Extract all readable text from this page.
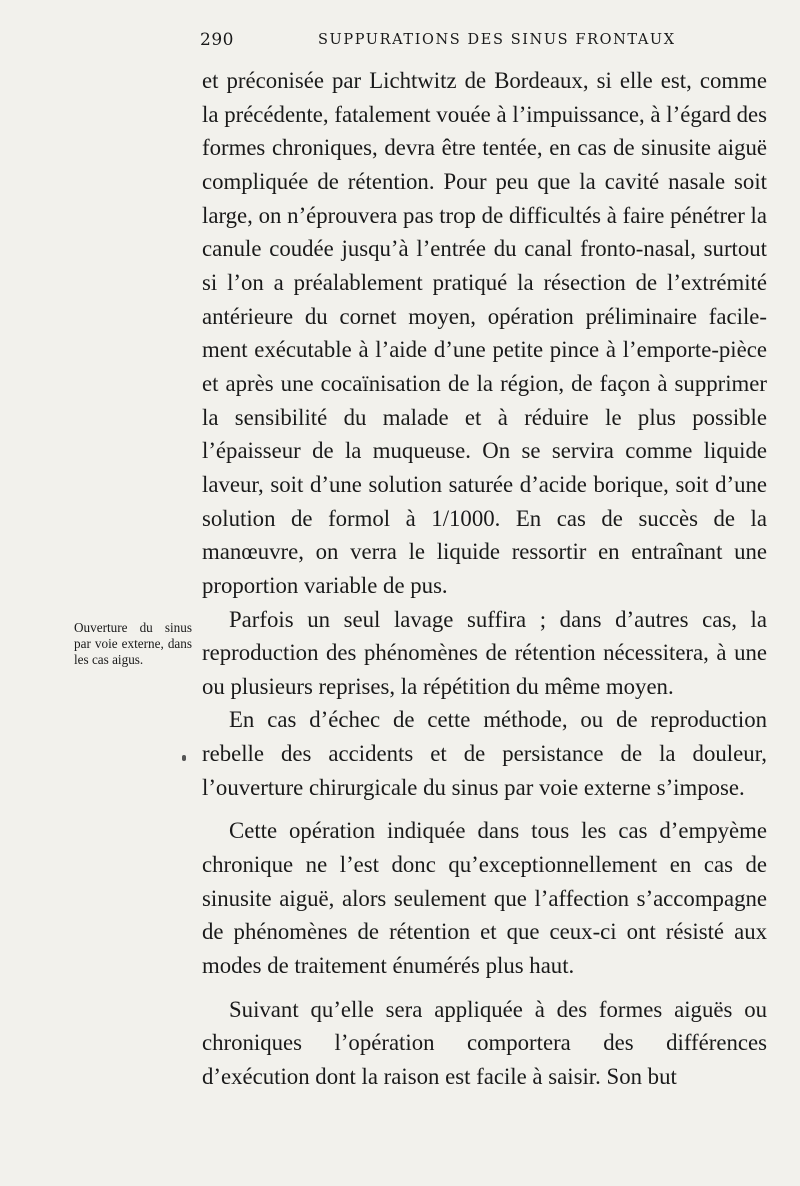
290	SUPPURATIONS DES SINUS FRONTAUX

et préconisée par Lichtwitz de Bordeaux, si elle est, comme la précédente, fatalement vouée à l’impuissance, à l’égard des formes chroniques, devra être tentée, en cas de sinusite aiguë compliquée de rétention. Pour peu que la cavité nasale soit large, on n’éprouvera pas trop de difficultés à faire pénétrer la canule coudée jusqu’à l’entrée du canal fronto-nasal, surtout si l’on a préalablement pratiqué la résection de l’extrémité antérieure du cornet moyen, opération préliminaire facilement exécutable à l’aide d’une petite pince à l’emporte-pièce et après une cocaïnisation de la région, de façon à supprimer la sensibilité du malade et à réduire le plus possible l’épaisseur de la muqueuse. On se servira comme liquide laveur, soit d’une solution saturée d’acide borique, soit d’une solution de formol à 1/1000. En cas de succès de la manœuvre, on verra le liquide ressortir en entraînant une proportion variable de pus.

Parfois un seul lavage suffira ; dans d’autres cas, la reproduction des phénomènes de rétention nécessitera, à une ou plusieurs reprises, la répétition du même moyen.

En cas d’échec de cette méthode, ou de reproduction rebelle des accidents et de persistance de la douleur, l’ouverture chirurgicale du sinus par voie externe s’impose.

Cette opération indiquée dans tous les cas d’empyème chronique ne l’est donc qu’exceptionnellement en cas de sinusite aiguë, alors seulement que l’affection s’accompagne de phénomènes de rétention et que ceux-ci ont résisté aux modes de traitement énumérés plus haut.

Suivant qu’elle sera appliquée à des formes aiguës ou chroniques l’opération comportera des différences d’exécution dont la raison est facile à saisir. Son but

Ouverture du sinus par voie externe, dans les cas aigus.
